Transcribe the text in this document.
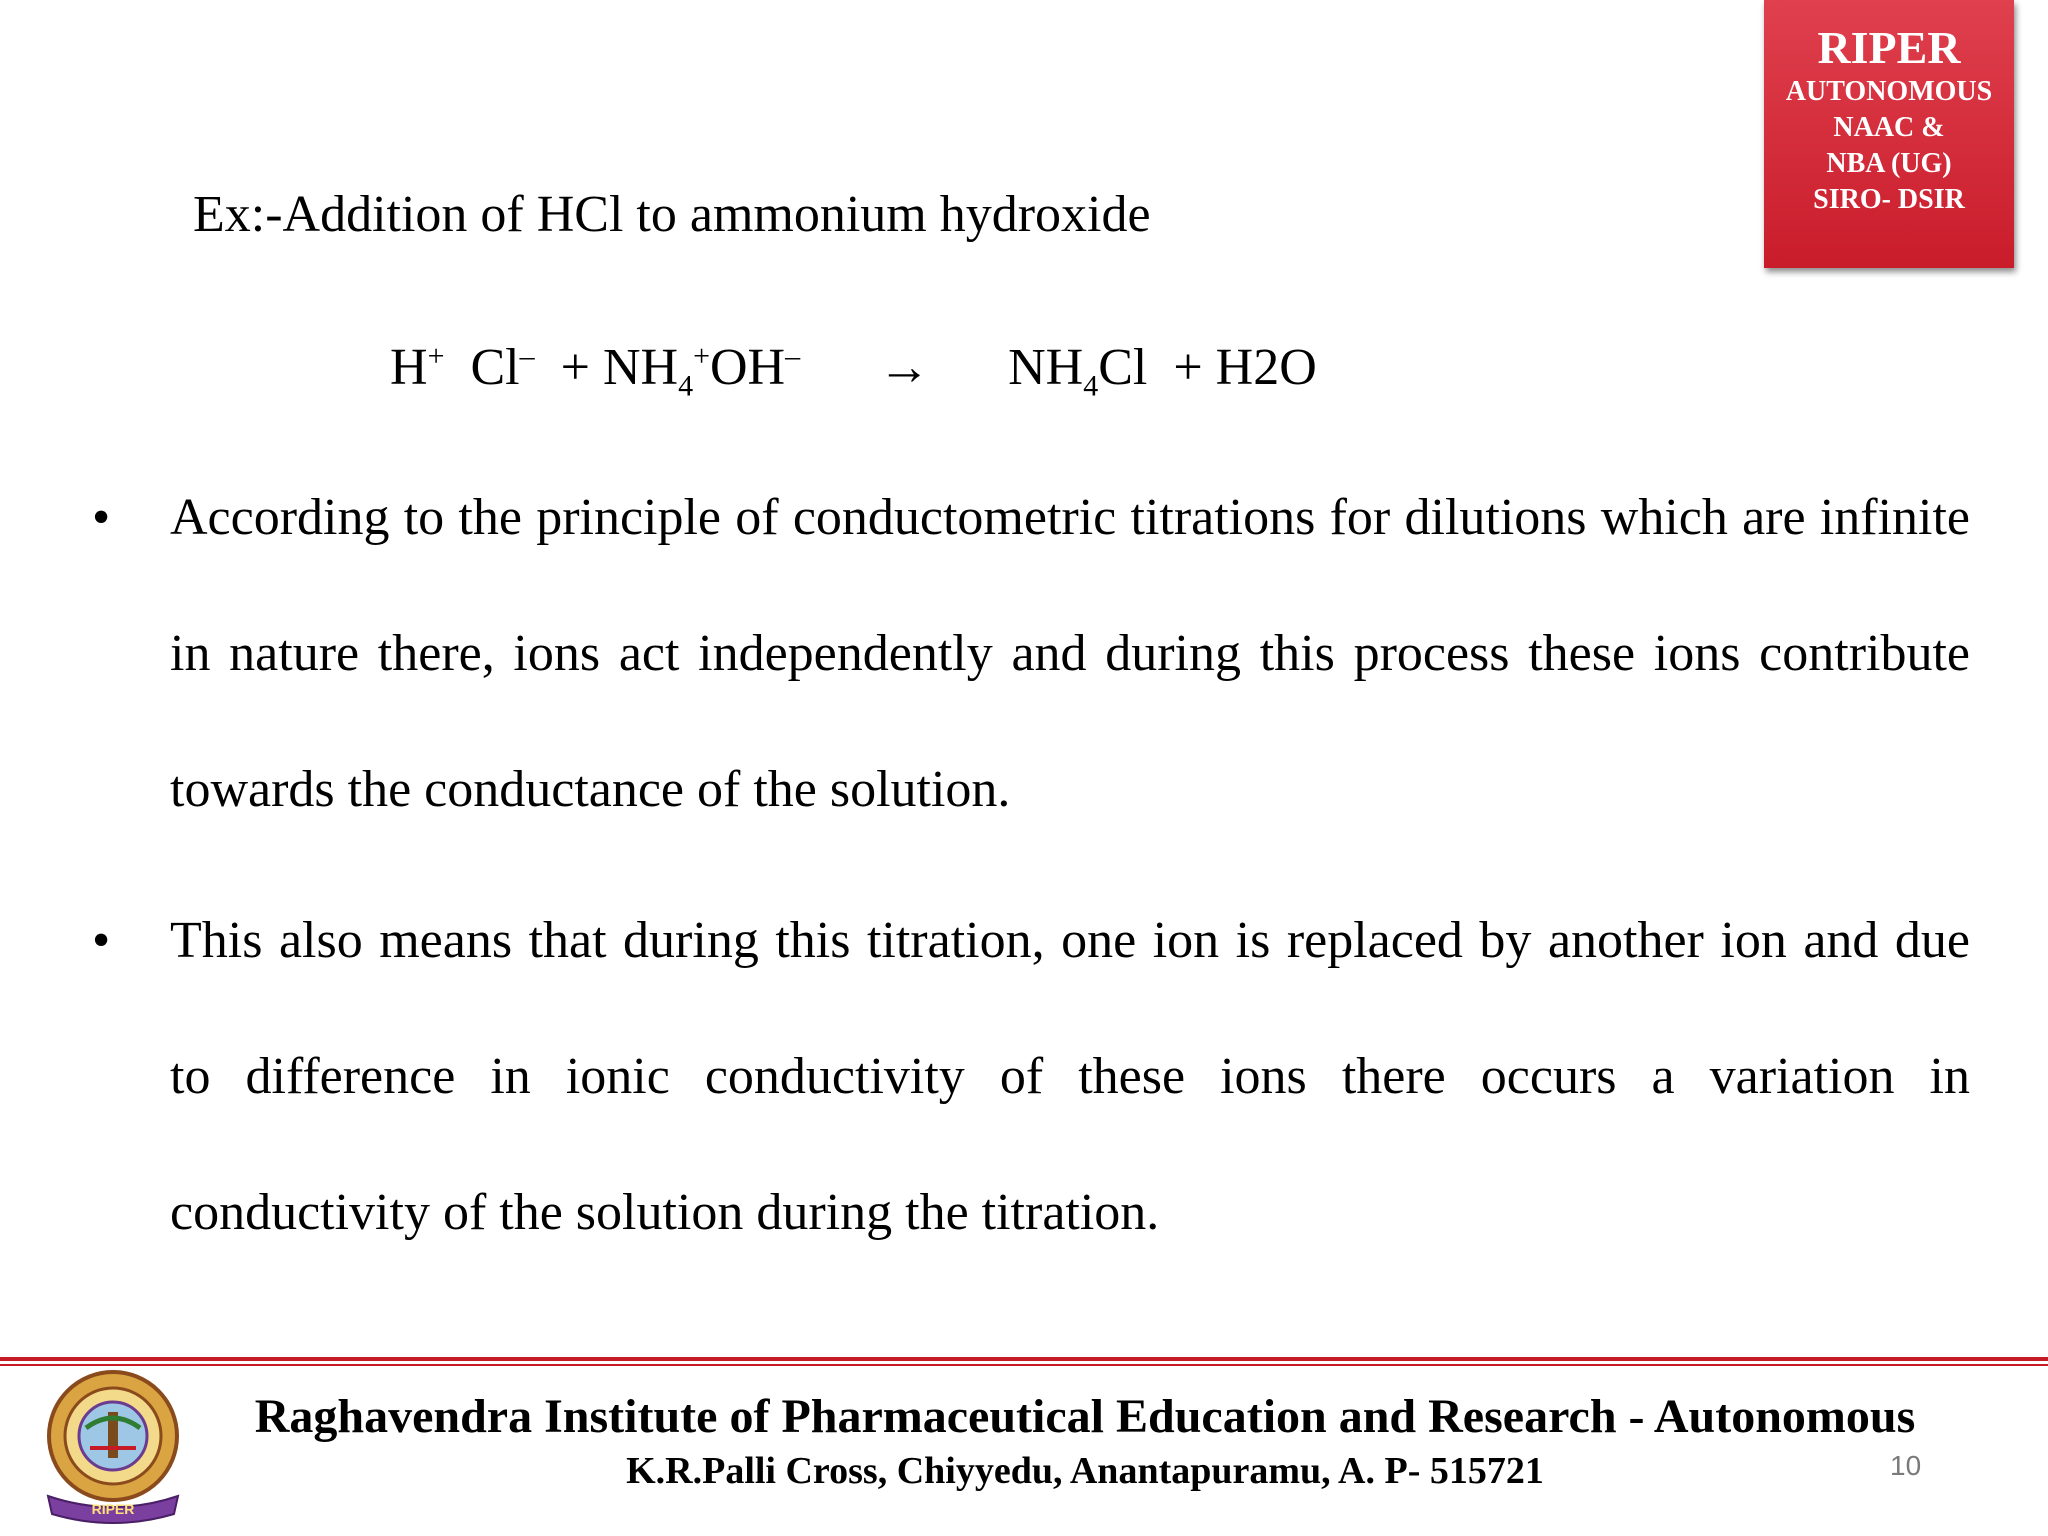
RIPER
AUTONOMOUS
NAAC &
NBA (UG)
SIRO- DSIR
Ex:-Addition of HCl to ammonium hydroxide
H+ $Cl^- + NH_4^+OH^- \to NH_4Cl + H2O$
• According to the principle of conductometric titrations for dilutions which are infinite in nature there, ions act independently and during this process these ions contribute towards the conductance of the solution.
• This also means that during this titration, one ion is replaced by another ion and due to difference in ionic conductivity of these ions there occurs a variation in conductivity of the solution during the titration.
RIPER
Raghavendra Institute of Pharmaceutical Education and Research - Autonomous
K.R.Palli Cross, Chiyyedu, Anantapuramu, A. P- 515721	10
